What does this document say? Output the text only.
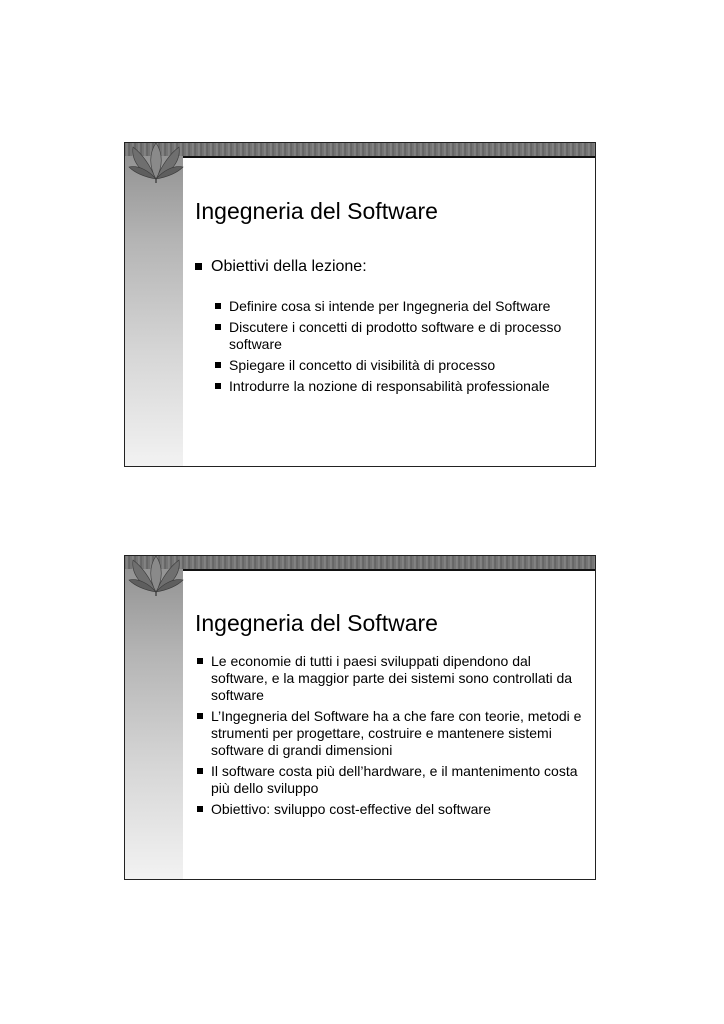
Ingegneria del Software
Obiettivi della lezione:
Definire cosa si intende per Ingegneria del Software
Discutere i concetti di prodotto software e di processo software
Spiegare il concetto di visibilità di processo
Introdurre la nozione di responsabilità professionale
Ingegneria del Software
Le economie di tutti i paesi sviluppati dipendono dal software, e la maggior parte dei sistemi sono controllati da software
L’Ingegneria del Software ha a che fare con teorie, metodi e strumenti per progettare, costruire e mantenere sistemi software di grandi dimensioni
Il software costa più dell’hardware, e il mantenimento costa più dello sviluppo
Obiettivo: sviluppo cost-effective del software
